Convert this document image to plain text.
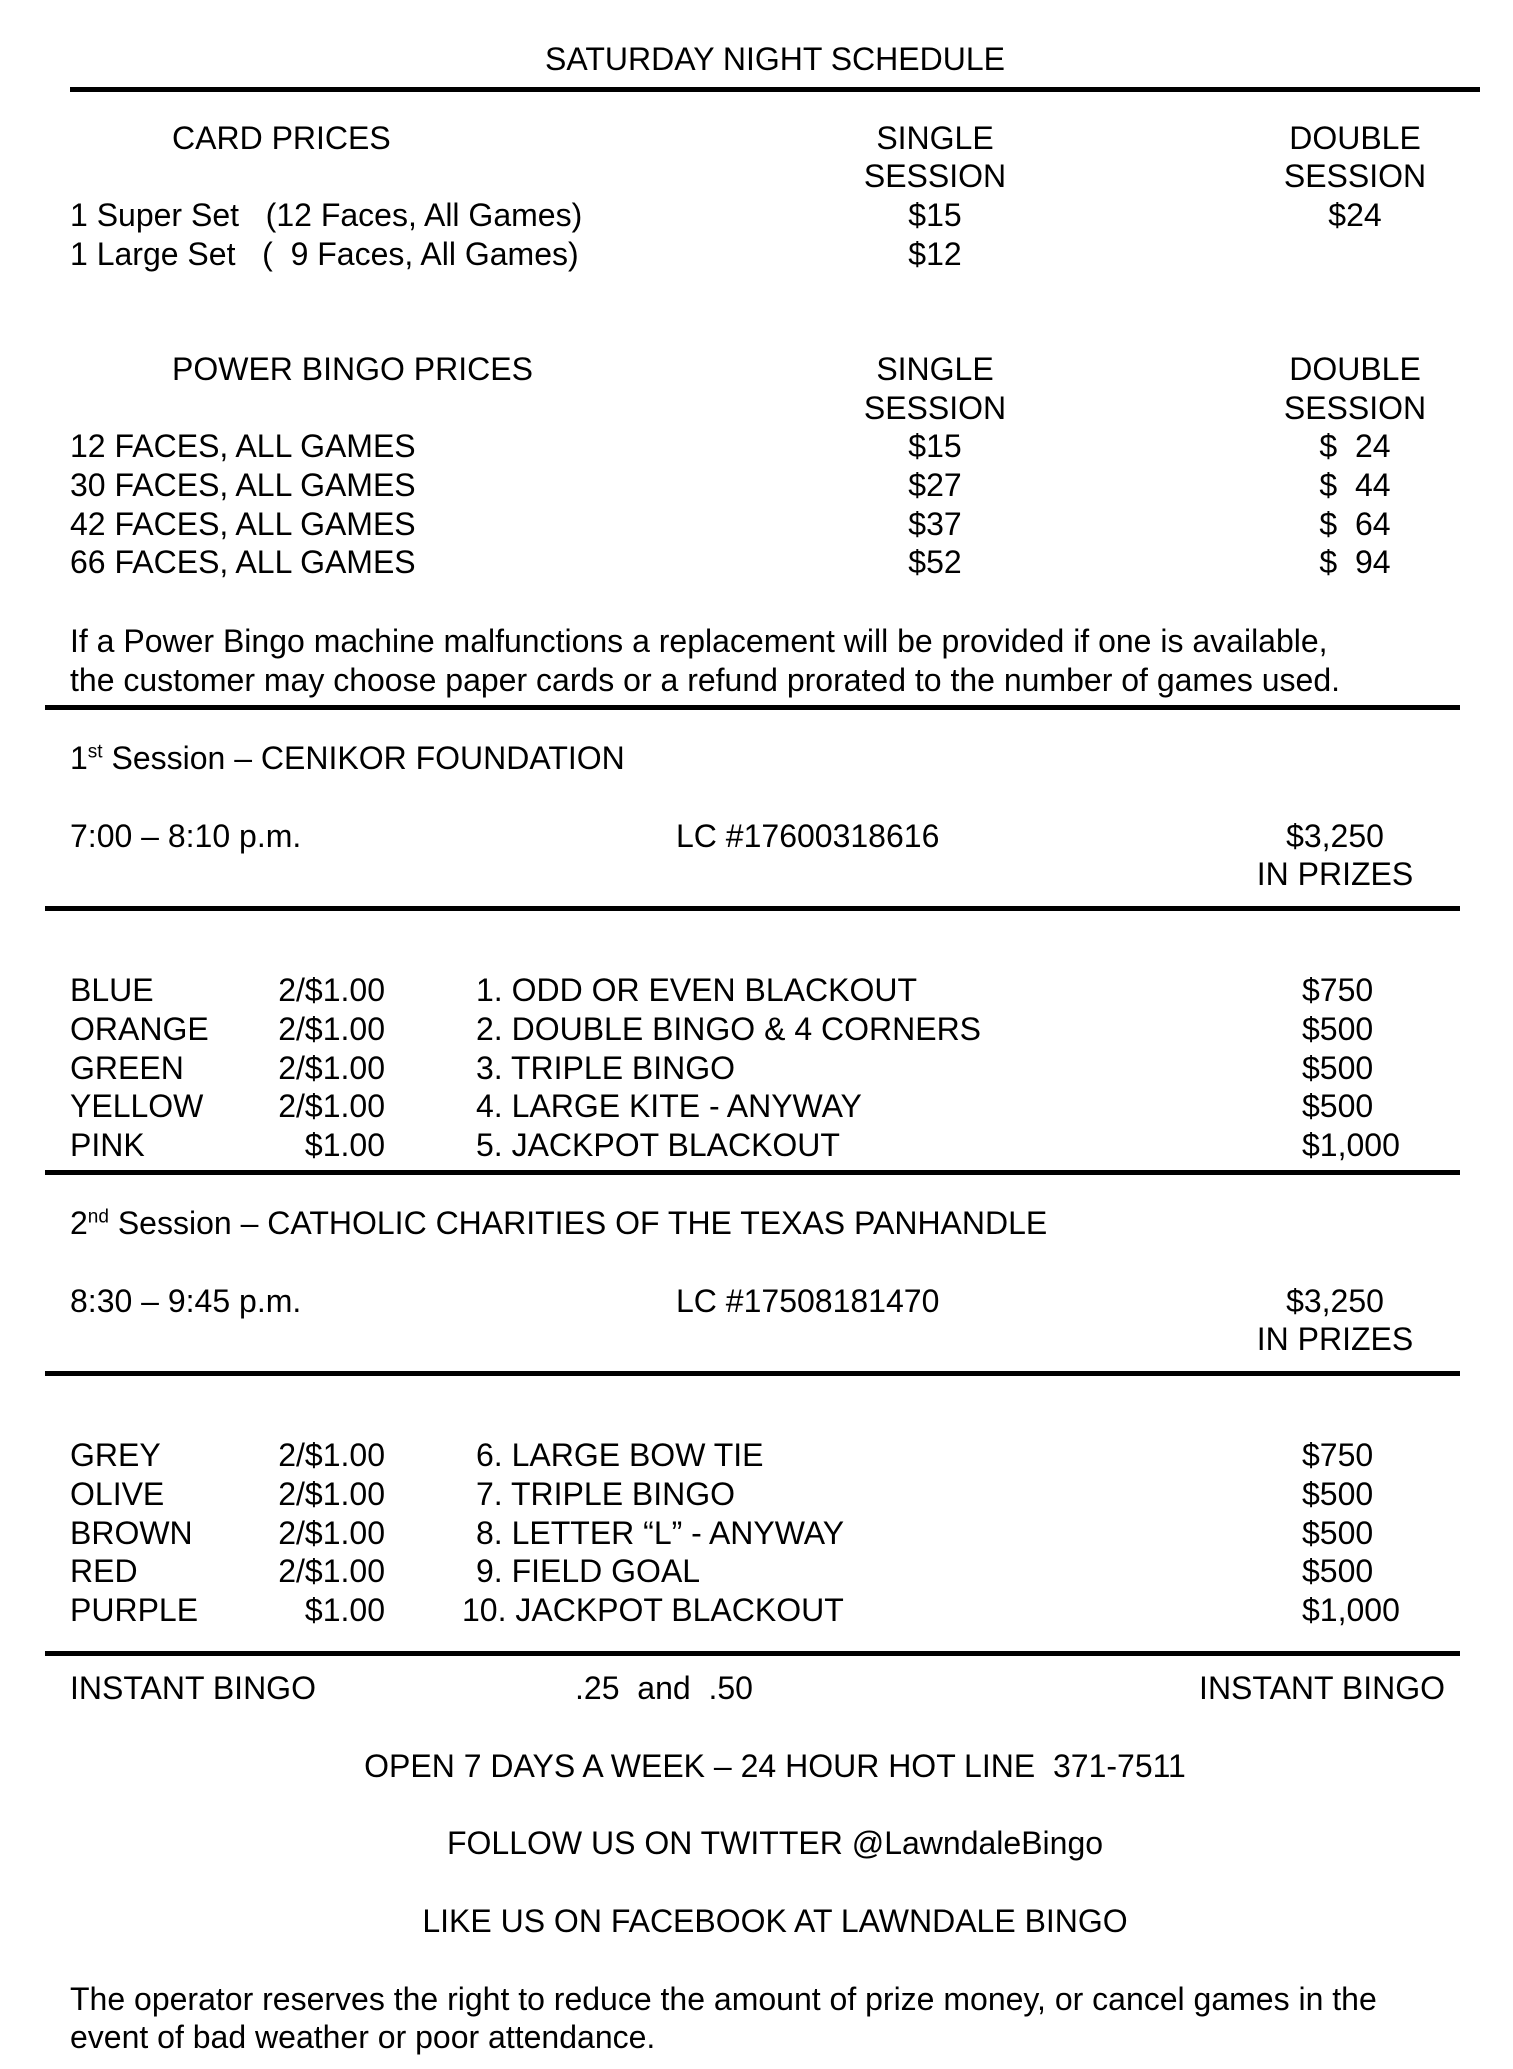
SATURDAY NIGHT SCHEDULE
CARD PRICES	SINGLE
SESSION
DOUBLE
SESSION
1 Super Set   (12 Faces, All Games)	$15	$24
1 Large Set   (  9 Faces, All Games)	$12
POWER BINGO PRICES	SINGLE
SESSION
DOUBLE
SESSION
12 FACES, ALL GAMES	$15	$  24
30 FACES, ALL GAMES	$27	$  44
42 FACES, ALL GAMES	$37	$  64
66 FACES, ALL GAMES	$52	$  94
If a Power Bingo machine malfunctions a replacement will be provided if one is available,
the customer may choose paper cards or a refund prorated to the number of games used.
1st Session – CENIKOR FOUNDATION
7:00 – 8:10 p.m.	LC #17600318616	$3,250
IN PRIZES
BLUE	2/$1.00	1. ODD OR EVEN BLACKOUT	$750
ORANGE	2/$1.00	2. DOUBLE BINGO & 4 CORNERS	$500
GREEN	2/$1.00	3. TRIPLE BINGO	$500
YELLOW	2/$1.00	4. LARGE KITE - ANYWAY	$500
PINK	$1.00	5. JACKPOT BLACKOUT	$1,000
2nd Session – CATHOLIC CHARITIES OF THE TEXAS PANHANDLE
8:30 – 9:45 p.m.	LC #17508181470	$3,250
IN PRIZES
GREY	2/$1.00	6. LARGE BOW TIE	$750
OLIVE	2/$1.00	7. TRIPLE BINGO	$500
BROWN	2/$1.00	8. LETTER “L” - ANYWAY	$500
RED	2/$1.00	9. FIELD GOAL	$500
PURPLE	$1.00 10. JACKPOT BLACKOUT	$1,000
INSTANT BINGO	.25  and  .50	INSTANT BINGO
OPEN 7 DAYS A WEEK – 24 HOUR HOT LINE  371-7511
FOLLOW US ON TWITTER @LawndaleBingo
LIKE US ON FACEBOOK AT LAWNDALE BINGO
The operator reserves the right to reduce the amount of prize money, or cancel games in the
event of bad weather or poor attendance.
